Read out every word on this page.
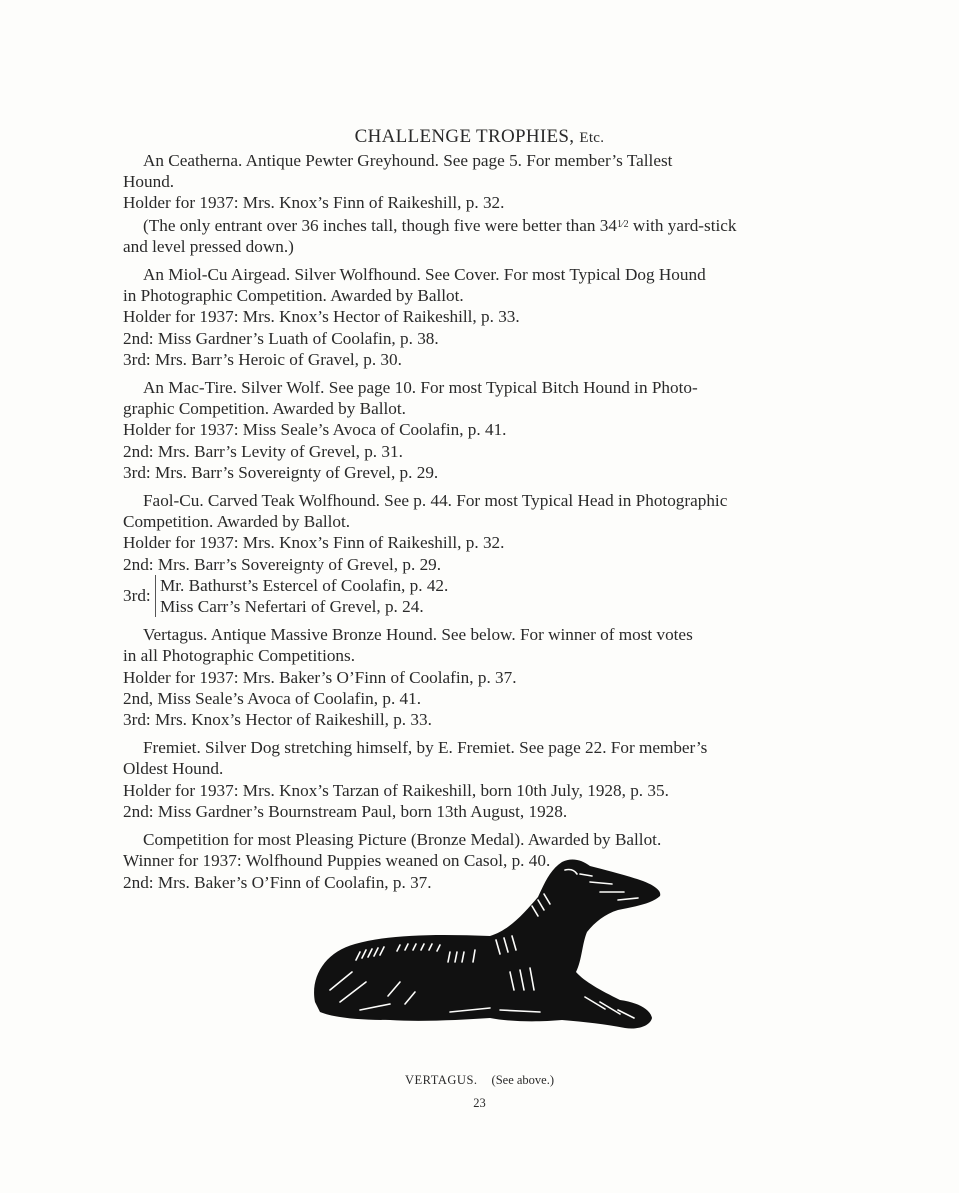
CHALLENGE TROPHIES, Etc.
An Ceatherna. Antique Pewter Greyhound. See page 5. For member’s Tallest
Hound.
Holder for 1937: Mrs. Knox’s Finn of Raikeshill, p. 32.
(The only entrant over 36 inches tall, though five were better than $34^{1⁄2}$ with yard-stick
and level pressed down.)
An Miol-Cu Airgead. Silver Wolfhound. See Cover. For most Typical Dog Hound
in Photographic Competition. Awarded by Ballot.
Holder for 1937: Mrs. Knox’s Hector of Raikeshill, p. 33.
2nd: Miss Gardner’s Luath of Coolafin, p. 38.
3rd: Mrs. Barr’s Heroic of Gravel, p. 30.
An Mac-Tire. Silver Wolf. See page 10. For most Typical Bitch Hound in Photo-
graphic Competition. Awarded by Ballot.
Holder for 1937: Miss Seale’s Avoca of Coolafin, p. 41.
2nd: Mrs. Barr’s Levity of Grevel, p. 31.
3rd: Mrs. Barr’s Sovereignty of Grevel, p. 29.
Faol-Cu. Carved Teak Wolfhound. See p. 44. For most Typical Head in Photographic
Competition. Awarded by Ballot.
Holder for 1937: Mrs. Knox’s Finn of Raikeshill, p. 32.
2nd: Mrs. Barr’s Sovereignty of Grevel, p. 29.
3rd:
Mr. Bathurst’s Estercel of Coolafin, p. 42.
Miss Carr’s Nefertari of Grevel, p. 24.
Vertagus. Antique Massive Bronze Hound. See below. For winner of most votes
in all Photographic Competitions.
Holder for 1937: Mrs. Baker’s O’Finn of Coolafin, p. 37.
2nd, Miss Seale’s Avoca of Coolafin, p. 41.
3rd: Mrs. Knox’s Hector of Raikeshill, p. 33.
Fremiet. Silver Dog stretching himself, by E. Fremiet. See page 22. For member’s
Oldest Hound.
Holder for 1937: Mrs. Knox’s Tarzan of Raikeshill, born 10th July, 1928, p. 35.
2nd: Miss Gardner’s Bournstream Paul, born 13th August, 1928.
Competition for most Pleasing Picture (Bronze Medal). Awarded by Ballot.
Winner for 1937: Wolfhound Puppies weaned on Casol, p. 40.
2nd: Mrs. Baker’s O’Finn of Coolafin, p. 37.
VERTAGUS. (See above.)
23
